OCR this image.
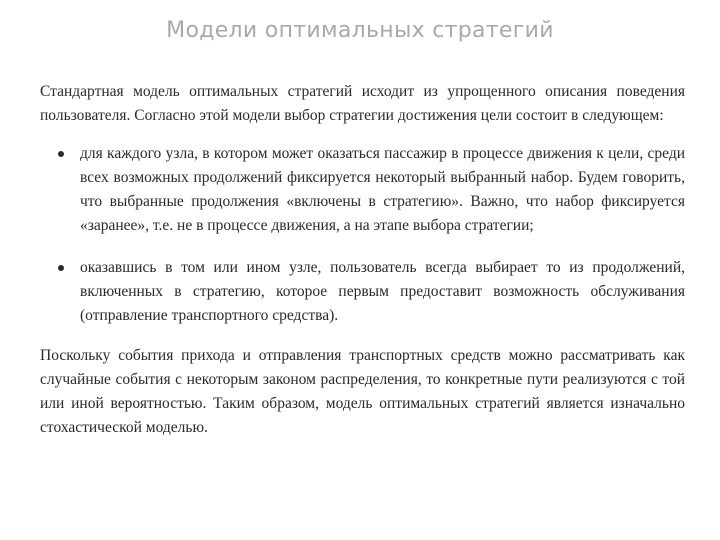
Модели оптимальных стратегий

Стандартная модель оптимальных стратегий исходит из упрощенного описания поведения пользователя. Согласно этой модели выбор стратегии достижения цели состоит в следующем:

для каждого узла, в котором может оказаться пассажир в процессе движения к цели, среди всех возможных продолжений фиксируется некоторый выбранный набор. Будем говорить, что выбранные продолжения «включены в стратегию». Важно, что набор фиксируется «заранее», т.е. не в процессе движения, а на этапе выбора стратегии;
оказавшись в том или ином узле, пользователь всегда выбирает то из продолжений, включенных в стратегию, которое первым предоставит возможность обслуживания (отправление транспортного средства).

Поскольку события прихода и отправления транспортных средств можно рассматривать как случайные события с некоторым законом распределения, то конкретные пути реализуются с той или иной вероятностью. Таким образом, модель оптимальных стратегий является изначально стохастической моделью.
